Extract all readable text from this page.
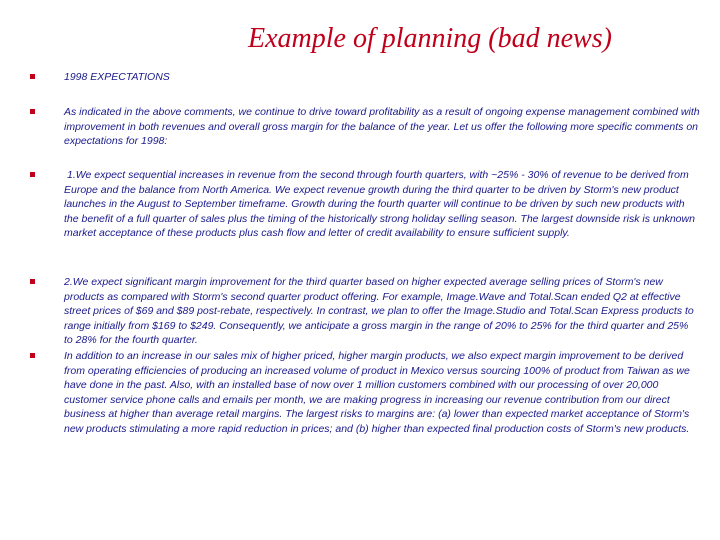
Example of planning (bad news)

1998 EXPECTATIONS

As indicated in the above comments, we continue to drive toward profitability as a result of ongoing expense management combined with improvement in both revenues and overall gross margin for the balance of the year. Let us offer the following more specific comments on expectations for 1998:

1.We expect sequential increases in revenue from the second through fourth quarters, with ~25% - 30% of revenue to be derived from Europe and the balance from North America. We expect revenue growth during the third quarter to be driven by Storm's new product launches in the August to September timeframe. Growth during the fourth quarter will continue to be driven by such new products with the benefit of a full quarter of sales plus the timing of the historically strong holiday selling season. The largest downside risk is unknown market acceptance of these products plus cash flow and letter of credit availability to ensure sufficient supply.

2.We expect significant margin improvement for the third quarter based on higher expected average selling prices of Storm's new products as compared with Storm's second quarter product offering. For example, Image.Wave and Total.Scan ended Q2 at effective street prices of $69 and $89 post-rebate, respectively. In contrast, we plan to offer the Image.Studio and Total.Scan Express products to range initially from $169 to $249. Consequently, we anticipate a gross margin in the range of 20% to 25% for the third quarter and 25% to 28% for the fourth quarter.

In addition to an increase in our sales mix of higher priced, higher margin products, we also expect margin improvement to be derived from operating efficiencies of producing an increased volume of product in Mexico versus sourcing 100% of product from Taiwan as we have done in the past. Also, with an installed base of now over 1 million customers combined with our processing of over 20,000 customer service phone calls and emails per month, we are making progress in increasing our revenue contribution from our direct business at higher than average retail margins. The largest risks to margins are: (a) lower than expected market acceptance of Storm's new products stimulating a more rapid reduction in prices; and (b) higher than expected final production costs of Storm's new products.
